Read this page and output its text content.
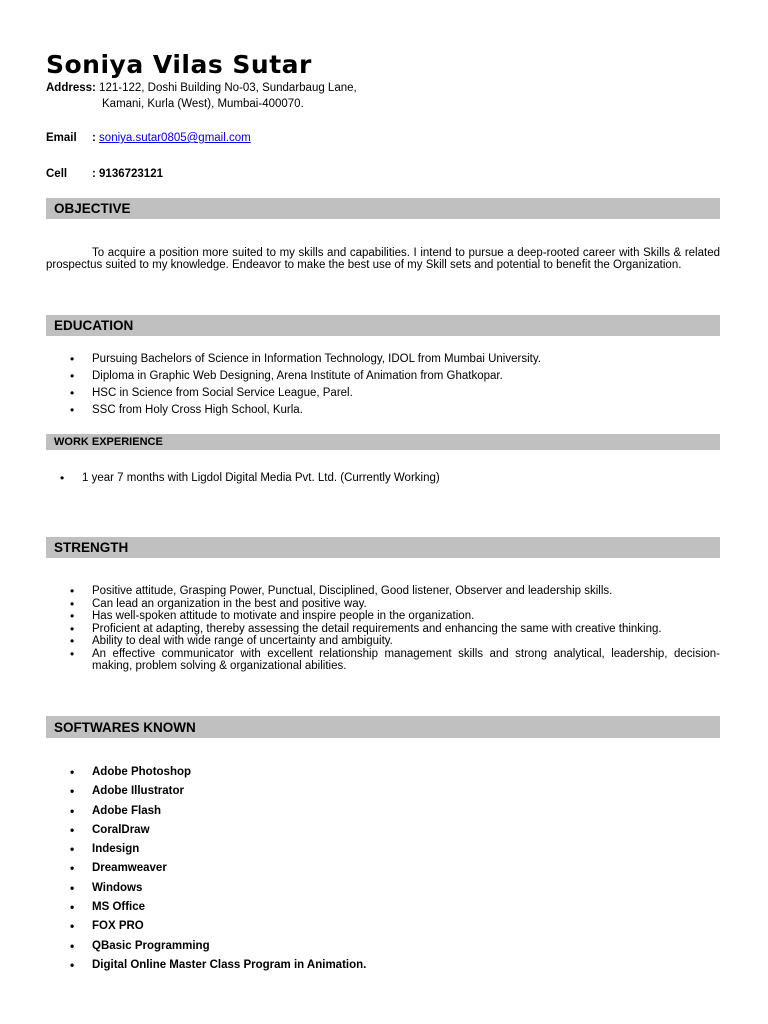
Soniya Vilas Sutar
Address: 121-122, Doshi Building No-03, Sundarbaug Lane,
Kamani, Kurla (West), Mumbai-400070.
Email : soniya.sutar0805@gmail.com
Cell : 9136723121
OBJECTIVE
To acquire a position more suited to my skills and capabilities. I intend to pursue a deep-rooted career with Skills & related prospectus suited to my knowledge. Endeavor to make the best use of my Skill sets and potential to benefit the Organization.
EDUCATION
• Pursuing Bachelors of Science in Information Technology, IDOL from Mumbai University.
• Diploma in Graphic Web Designing, Arena Institute of Animation from Ghatkopar.
• HSC in Science from Social Service League, Parel.
• SSC from Holy Cross High School, Kurla.
WORK EXPERIENCE
• 1 year 7 months with Ligdol Digital Media Pvt. Ltd. (Currently Working)
STRENGTH
• Positive attitude, Grasping Power, Punctual, Disciplined, Good listener, Observer and leadership skills.
• Can lead an organization in the best and positive way.
• Has well-spoken attitude to motivate and inspire people in the organization.
• Proficient at adapting, thereby assessing the detail requirements and enhancing the same with creative thinking.
• Ability to deal with wide range of uncertainty and ambiguity.
• An effective communicator with excellent relationship management skills and strong analytical, leadership, decision-making, problem solving & organizational abilities.
SOFTWARES KNOWN
• Adobe Photoshop
• Adobe Illustrator
• Adobe Flash
• CoralDraw
• Indesign
• Dreamweaver
• Windows
• MS Office
• FOX PRO
• QBasic Programming
• Digital Online Master Class Program in Animation.
